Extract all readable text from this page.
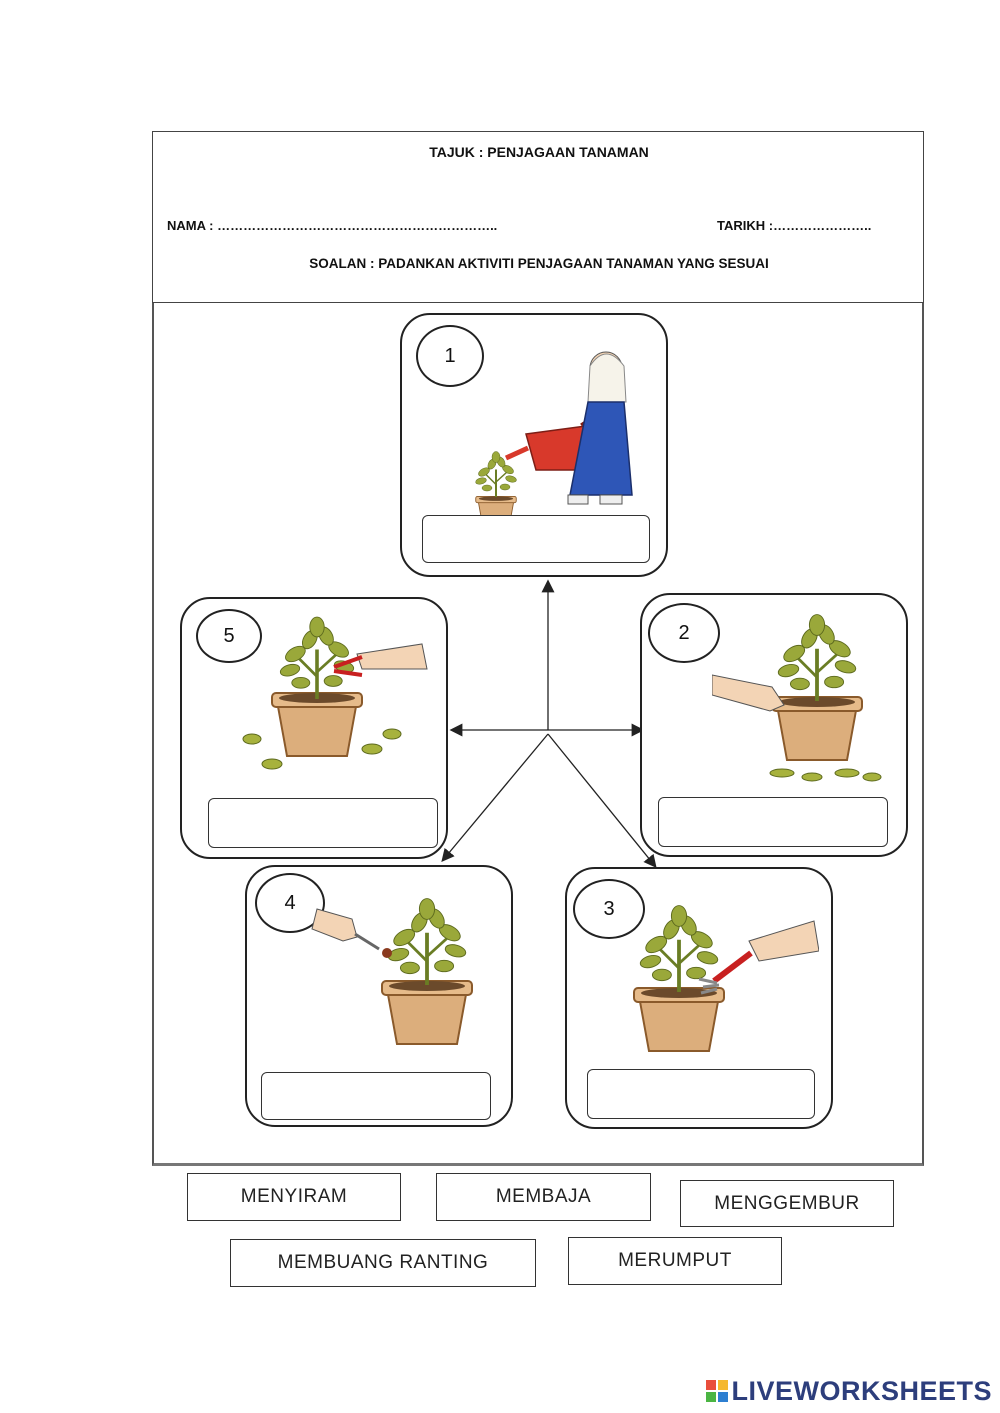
TAJUK : PENJAGAAN TANAMAN
NAMA : ………………………………………………………..	TARIKH :…………………..
SOALAN : PADANKAN AKTIVITI PENJAGAAN TANAMAN YANG SESUAI
1
5	2
4	3
MENYIRAM	MEMBAJA	MENGGEMBUR
MEMBUANG RANTING	MERUMPUT
LIVEWORKSHEETS
